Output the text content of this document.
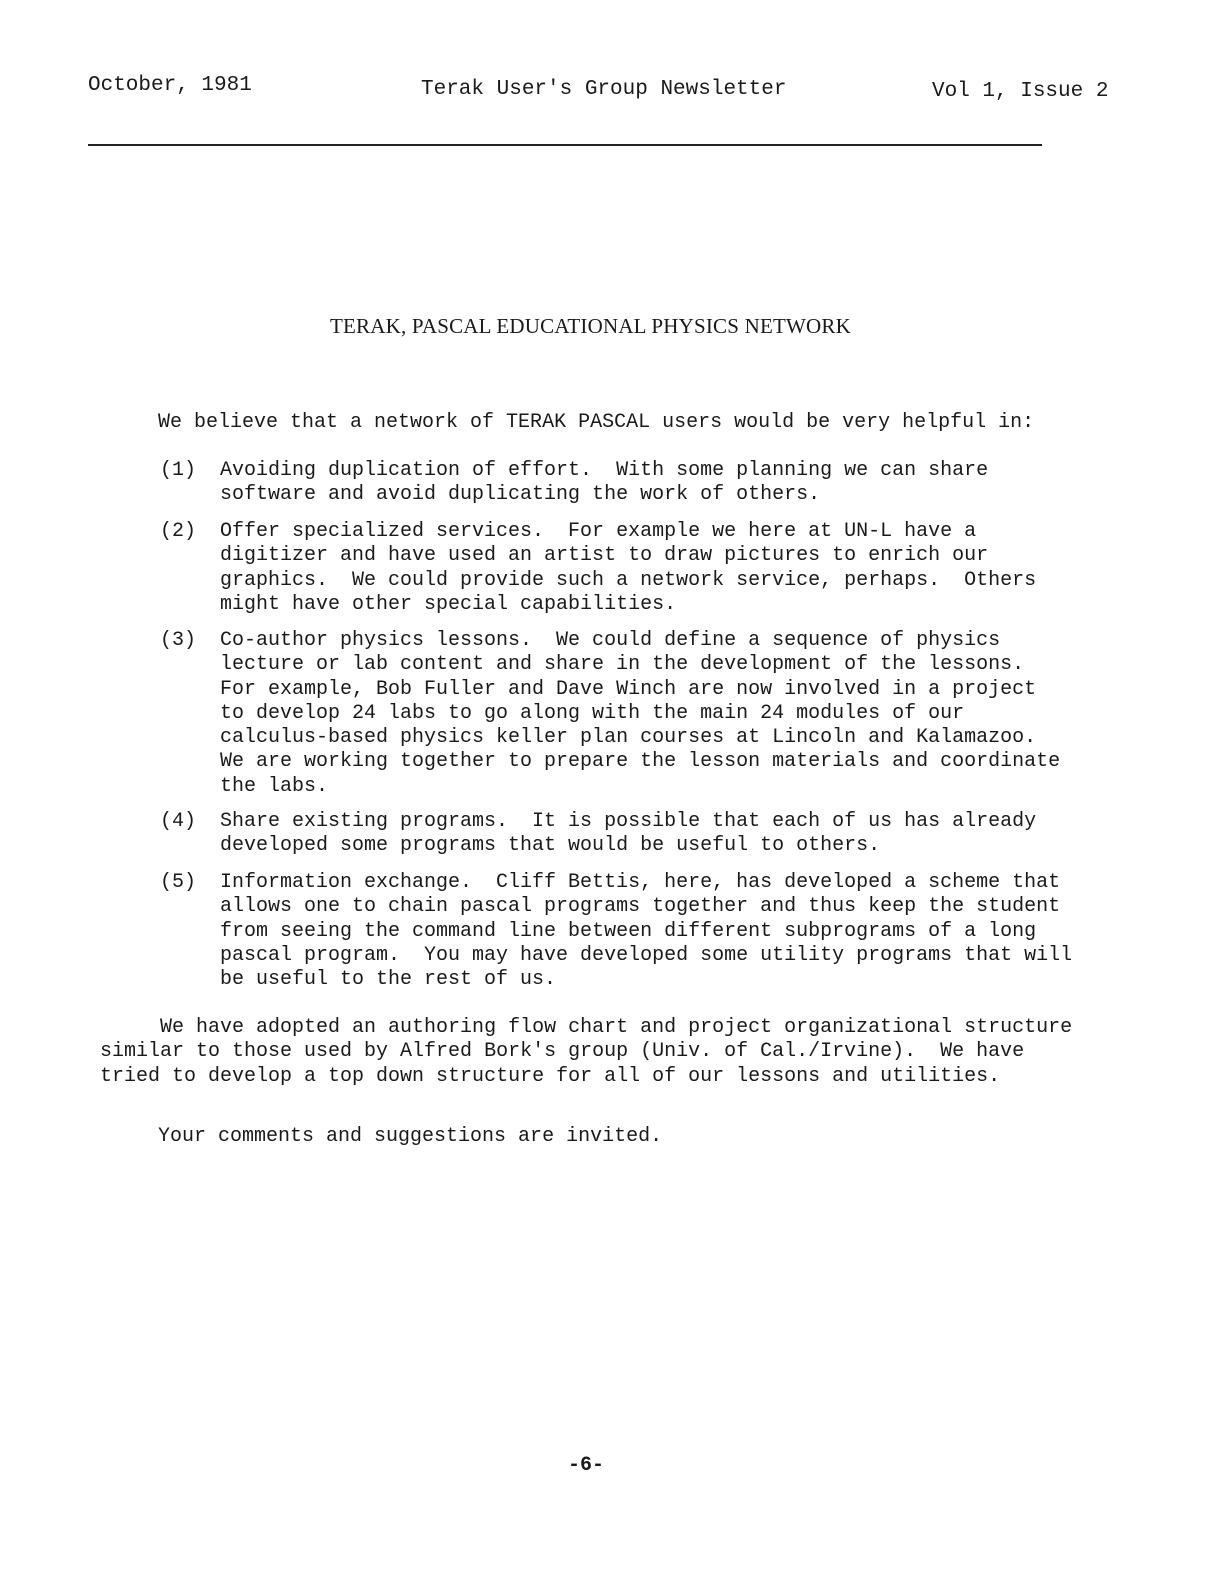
October, 1981	Terak User's Group Newsletter	Vol 1, Issue 2
TERAK, PASCAL EDUCATIONAL PHYSICS NETWORK

We believe that a network of TERAK PASCAL users would be very helpful in:

(1) Avoiding duplication of effort.  With some planning we can share
software and avoid duplicating the work of others.
(2) Offer specialized services.  For example we here at UN-L have a
digitizer and have used an artist to draw pictures to enrich our
graphics.  We could provide such a network service, perhaps.  Others
might have other special capabilities.
(3) Co-author physics lessons.  We could define a sequence of physics
lecture or lab content and share in the development of the lessons.
For example, Bob Fuller and Dave Winch are now involved in a project
to develop 24 labs to go along with the main 24 modules of our
calculus-based physics keller plan courses at Lincoln and Kalamazoo.
We are working together to prepare the lesson materials and coordinate
the labs.
(4) Share existing programs.  It is possible that each of us has already
developed some programs that would be useful to others.
(5) Information exchange.  Cliff Bettis, here, has developed a scheme that
allows one to chain pascal programs together and thus keep the student
from seeing the command line between different subprograms of a long
pascal program.  You may have developed some utility programs that will
be useful to the rest of us.

We have adopted an authoring flow chart and project organizational structure
similar to those used by Alfred Bork's group (Univ. of Cal./Irvine).  We have
tried to develop a top down structure for all of our lessons and utilities.

Your comments and suggestions are invited.

-6-
